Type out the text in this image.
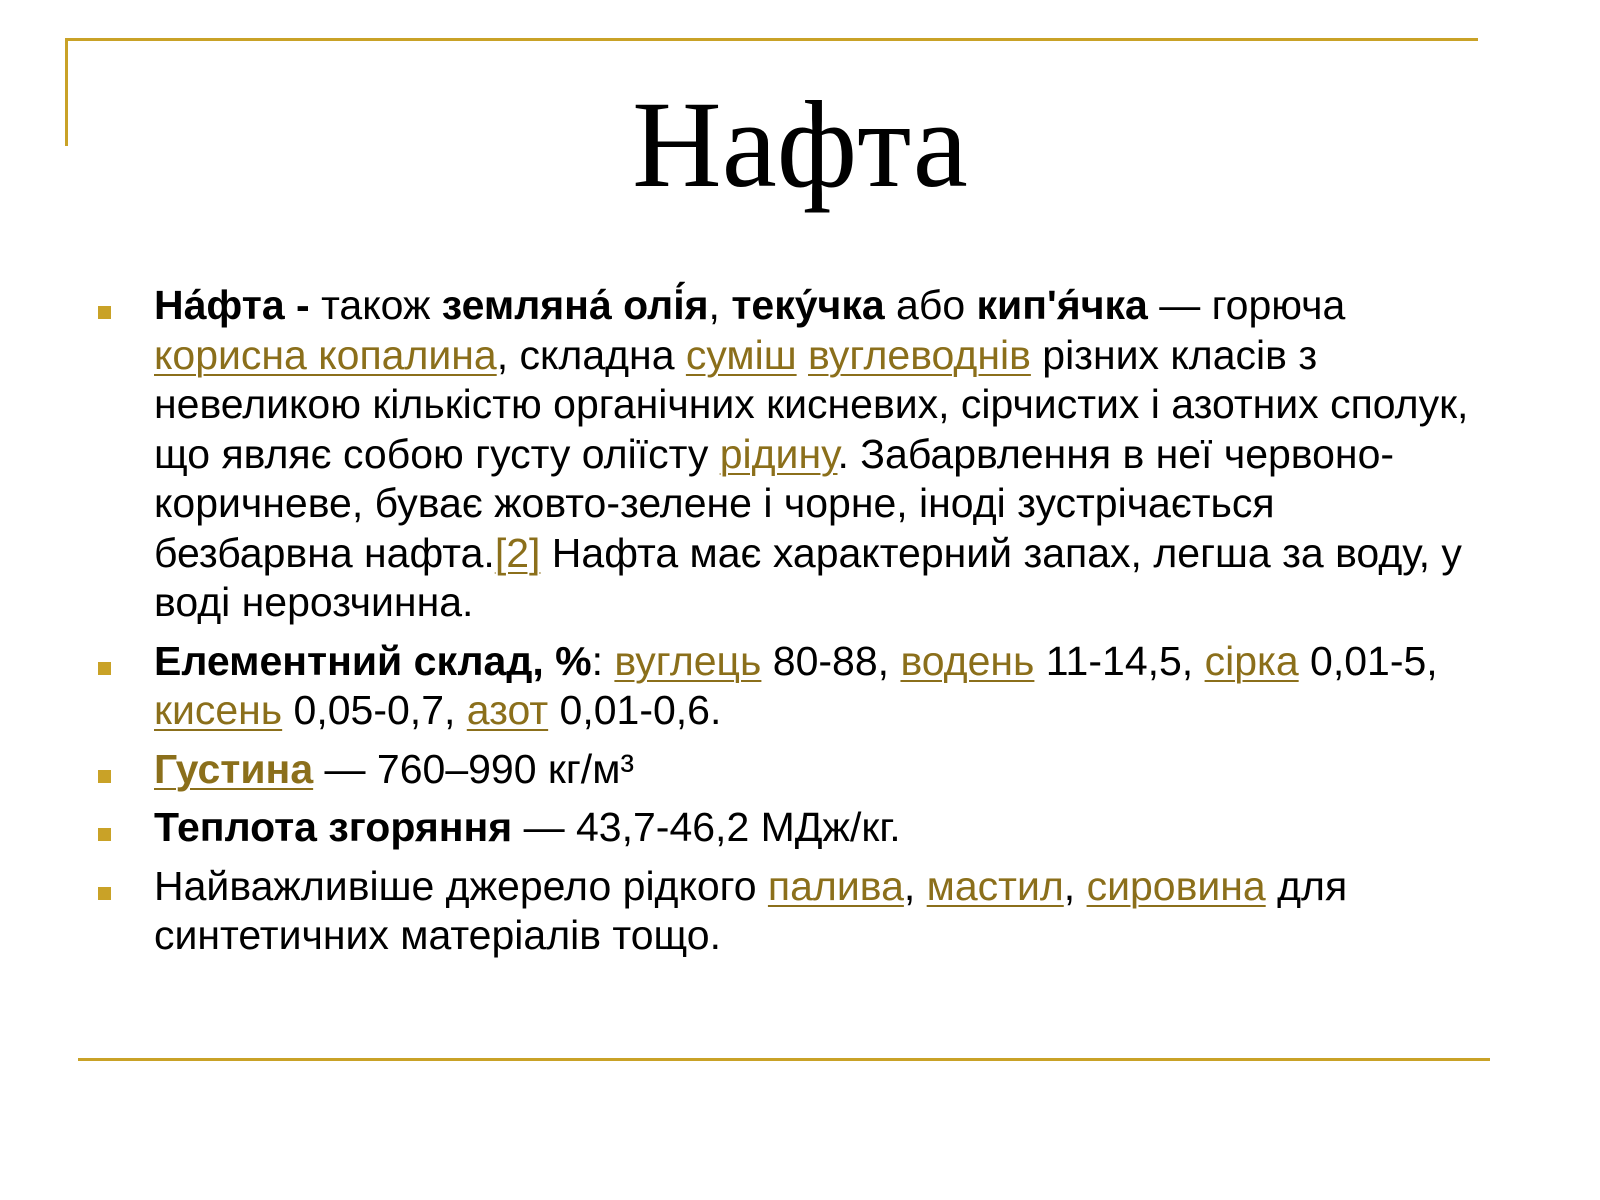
Нафта
На́фта - також земляна́ олі́я, теку́чка або кип'я́чка — горюча корисна копалина, складна суміш вуглеводнів різних класів з невеликою кількістю органічних кисневих, сірчистих і азотних сполук, що являє собою густу оліїсту рідину. Забарвлення в неї червоно-коричневе, буває жовто-зелене і чорне, іноді зустрічається безбарвна нафта.[2] Нафта має характерний запах, легша за воду, у воді нерозчинна.
Елементний склад, %: вуглець 80-88, водень 11-14,5, сірка 0,01-5, кисень 0,05-0,7, азот 0,01-0,6.
Густина — 760–990 кг/м³
Теплота згоряння — 43,7-46,2 МДж/кг.
Найважливіше джерело рідкого палива, мастил, сировина для синтетичних матеріалів тощо.
